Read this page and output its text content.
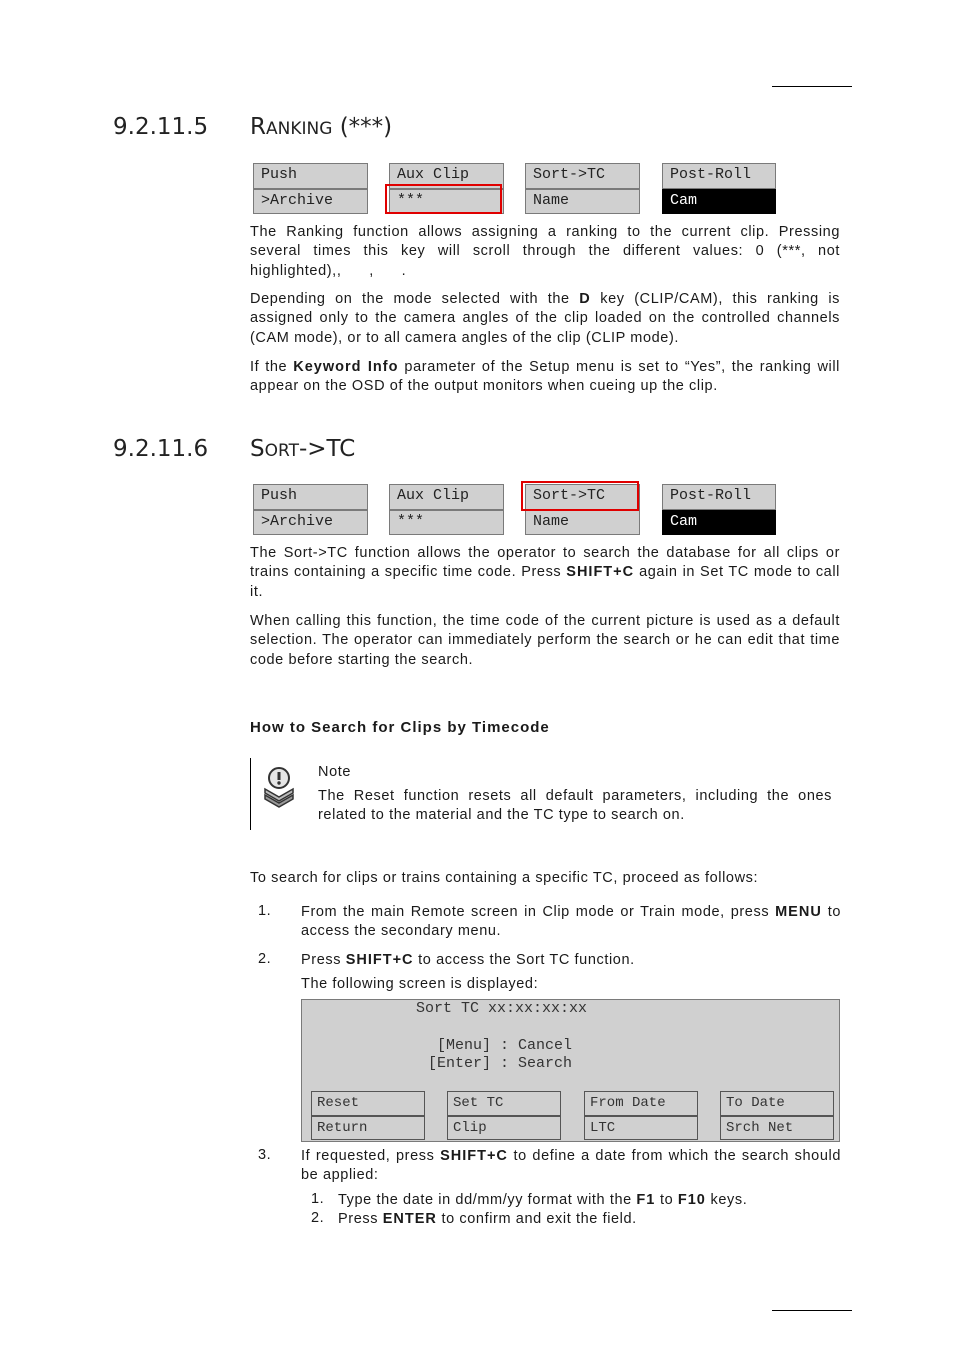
9.2.11.5 RANKING (***)
Push	Aux Clip	Sort->TC	Post-Roll
>Archive	***	Name	Cam

The Ranking function allows assigning a ranking to the current clip. Pressing several times this key will scroll through the different values: 0 (***, not highlighted),,      ,      .

Depending on the mode selected with the D key (CLIP/CAM), this ranking is assigned only to the camera angles of the clip loaded on the controlled channels (CAM mode), or to all camera angles of the clip (CLIP mode).

If the Keyword Info parameter of the Setup menu is set to “Yes”, the ranking will appear on the OSD of the output monitors when cueing up the clip.

9.2.11.6 SORT->TC
Push	Aux Clip	Sort->TC	Post-Roll
>Archive	***	Name	Cam

The Sort->TC function allows the operator to search the database for all clips or trains containing a specific time code. Press SHIFT+C again in Set TC mode to call it.

When calling this function, the time code of the current picture is used as a default selection. The operator can immediately perform the search or he can edit that time code before starting the search.

How to Search for Clips by Timecode
Note

The Reset function resets all default parameters, including the ones related to the material and the TC type to search on.

To search for clips or trains containing a specific TC, proceed as follows:

1. From the main Remote screen in Clip mode or Train mode, press MENU to access the secondary menu.

2. Press SHIFT+C to access the Sort TC function.

The following screen is displayed:

Sort TC xx:xx:xx:xx
[Menu] : Cancel
[Enter] : Search
Reset	Set TC	From Date	To Date
Return	Clip	LTC	Srch Net
3. If requested, press SHIFT+C to define a date from which the search should be applied:

1. Type the date in dd/mm/yy format with the F1 to F10 keys.

2. Press ENTER to confirm and exit the field.
